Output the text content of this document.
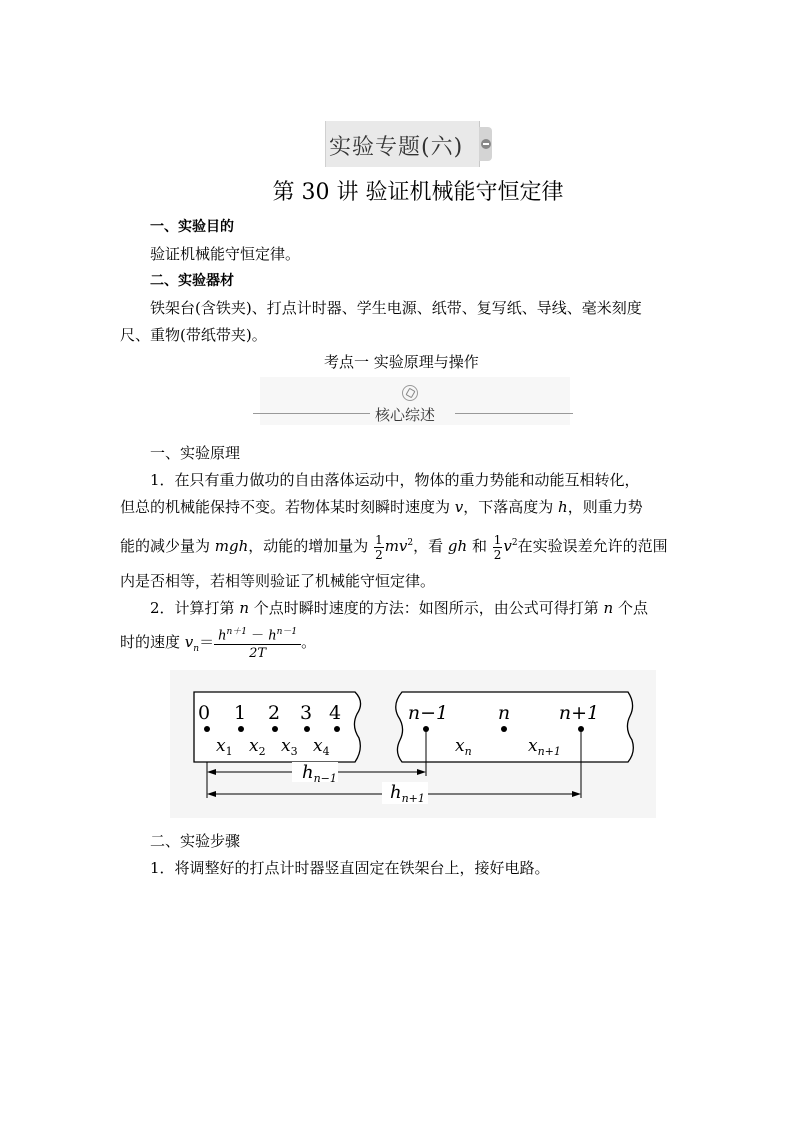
实验专题(六)
第 30 讲 验证机械能守恒定律
一、实验目的
验证机械能守恒定律。
二、实验器材
铁架台(含铁夹)、打点计时器、学生电源、纸带、复写纸、导线、毫米刻度
尺、重物(带纸带夹)。
考点一 实验原理与操作
核心综述
一、实验原理
1．在只有重力做功的自由落体运动中，物体的重力势能和动能互相转化，
但总的机械能保持不变。若物体某时刻瞬时速度为 v，下落高度为 h，则重力势
能的减少量为 mgh，动能的增加量为 $\frac{1}{2} mv^2$，看 gh 和 $\frac{1}{2} v^2$在实验误差允许的范围
内是否相等，若相等则验证了机械能守恒定律。
2．计算打第 n 个点时瞬时速度的方法：如图所示，由公式可得打第 n 个点
时的速度 $v_n= \frac{h^{n+1} - h^{n-1}}{2T}$ 。
0 1 2 3 4
$x_1$ $x_2$ $x_3$ $x_4$
n−1	n	n+1
$x_n$	$x_{n+1}$
$h_{n-1}$
$h_{n+1}$
二、实验步骤
1．将调整好的打点计时器竖直固定在铁架台上，接好电路。
